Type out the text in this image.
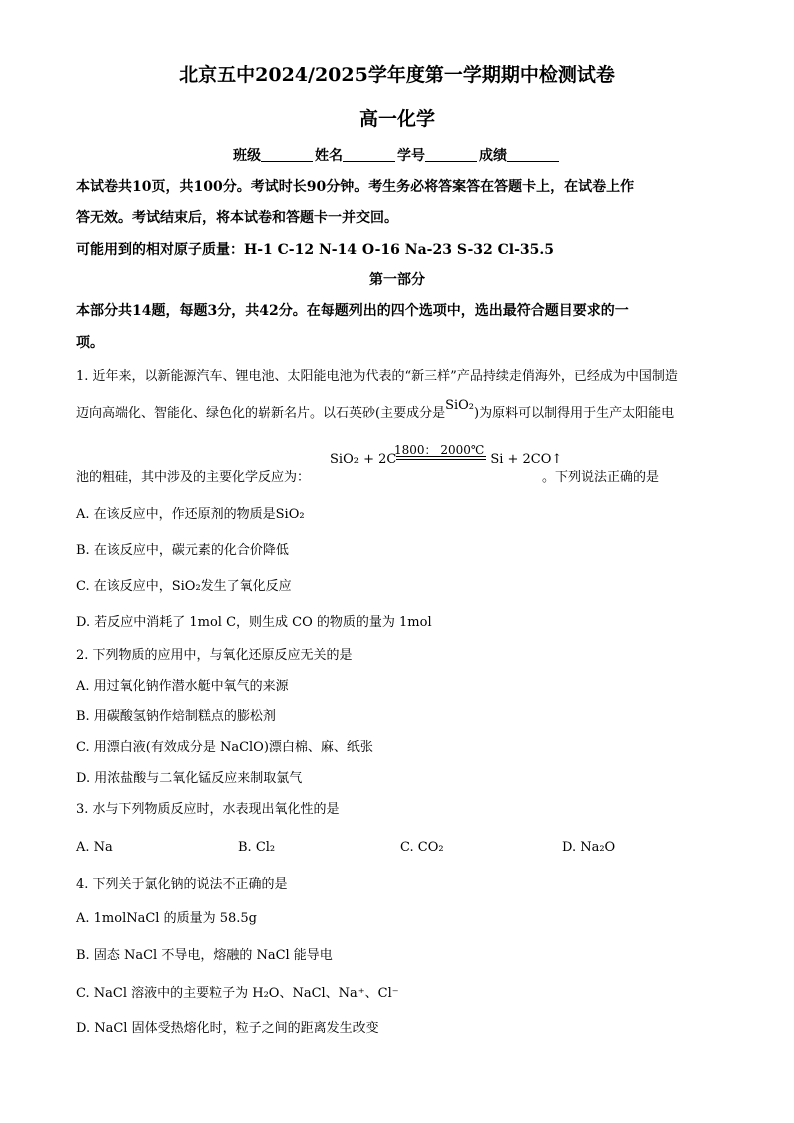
北京五中2024/2025学年度第一学期期中检测试卷
高一化学
班级	姓名	学号	成绩
本试卷共10页，共100分。考试时长90分钟。考生务必将答案答在答题卡上，在试卷上作
答无效。考试结束后，将本试卷和答题卡一并交回。
可能用到的相对原子质量：H-1 C-12 N-14 O-16 Na-23 S-32 Cl-35.5
第一部分
本部分共14题，每题3分，共42分。在每题列出的四个选项中，选出最符合题目要求的一
项。
1. 近年来，以新能源汽车、锂电池、太阳能电池为代表的“新三样”产品持续走俏海外，已经成为中国制造
迈向高端化、智能化、绿色化的崭新名片。以石英砂(主要成分是SiO₂)为原料可以制得用于生产太阳能电
1800： 2000℃
SiO₂ + 2C	Si + 2CO↑
池的粗硅，其中涉及的主要化学反应为：	。下列说法正确的是
A. 在该反应中，作还原剂的物质是SiO₂
B. 在该反应中，碳元素的化合价降低
C. 在该反应中，SiO₂发生了氧化反应
D. 若反应中消耗了 1mol C，则生成 CO 的物质的量为 1mol
2. 下列物质的应用中，与氧化还原反应无关的是
A. 用过氧化钠作潜水艇中氧气的来源
B. 用碳酸氢钠作焙制糕点的膨松剂
C. 用漂白液(有效成分是 NaClO)漂白棉、麻、纸张
D. 用浓盐酸与二氧化锰反应来制取氯气
3. 水与下列物质反应时，水表现出氧化性的是
A. Na	B. Cl₂	C. CO₂	D. Na₂O
4. 下列关于氯化钠的说法不正确的是
A. 1molNaCl 的质量为 58.5g
B. 固态 NaCl 不导电，熔融的 NaCl 能导电
C. NaCl 溶液中的主要粒子为 H₂O、NaCl、Na⁺、Cl⁻
D. NaCl 固体受热熔化时，粒子之间的距离发生改变
